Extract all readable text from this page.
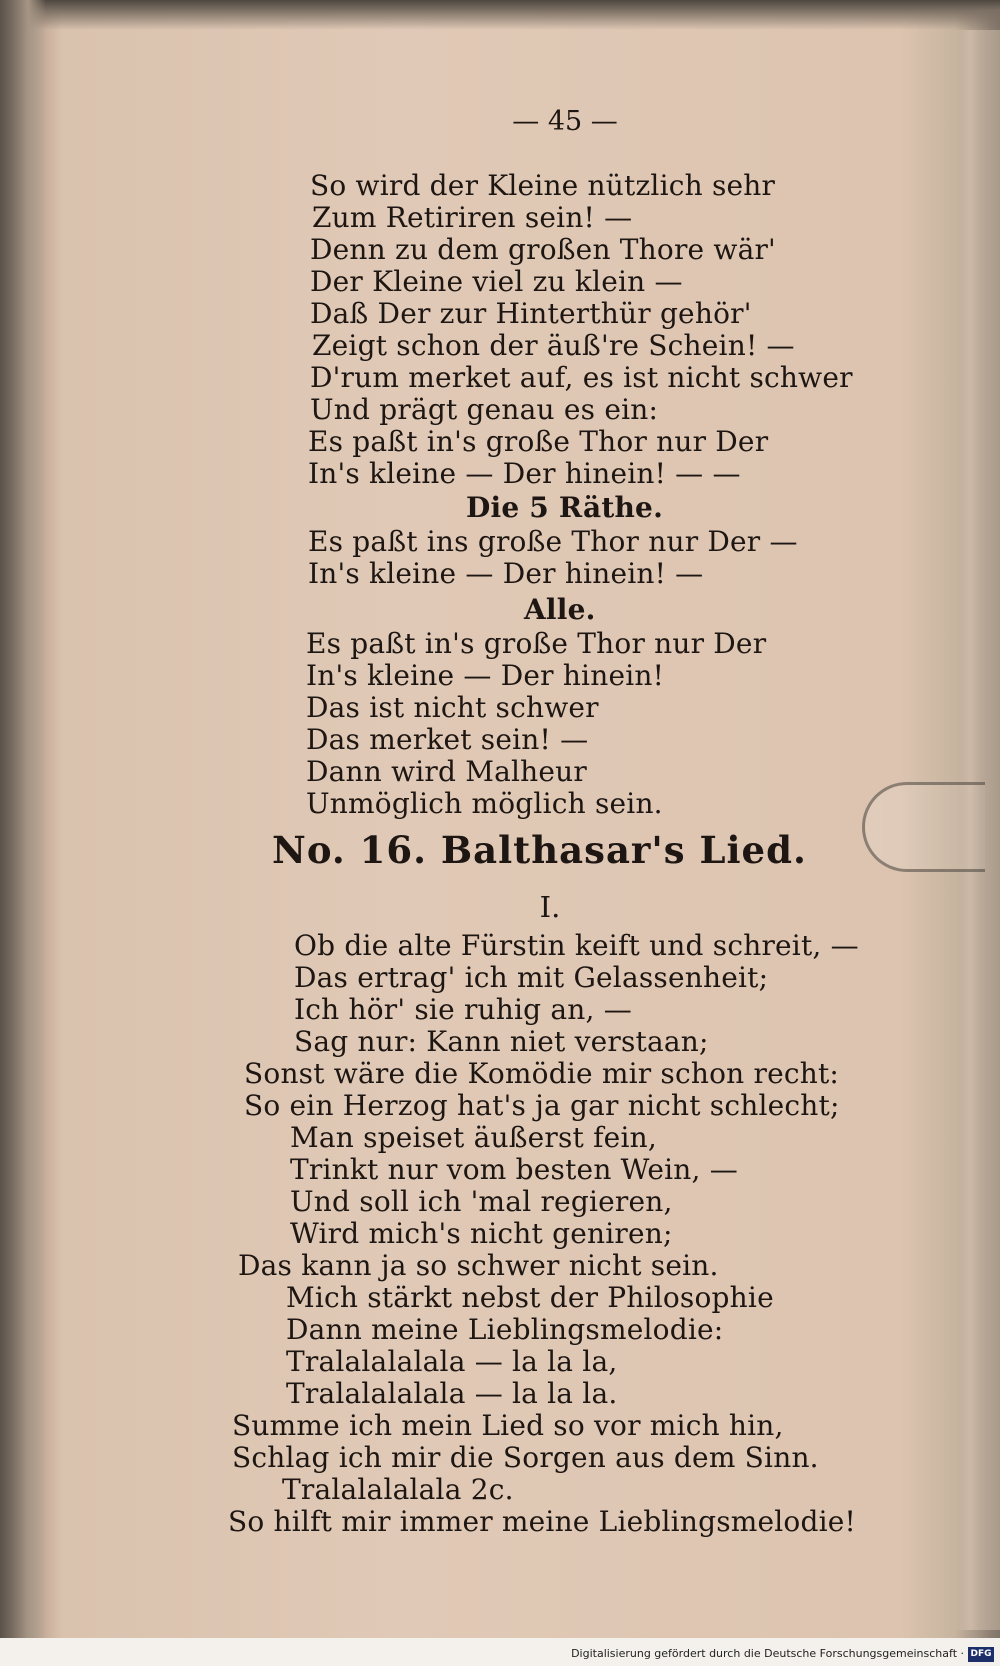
— 45 —
So wird der Kleine nützlich sehr
Zum Retiriren sein! —
Denn zu dem großen Thore wär'
Der Kleine viel zu klein —
Daß Der zur Hinterthür gehör'
Zeigt schon der äuß're Schein! —
D'rum merket auf, es ist nicht schwer
Und prägt genau es ein:
Es paßt in's große Thor nur Der
In's kleine — Der hinein! — —
Die 5 Räthe.
Es paßt ins große Thor nur Der —
In's kleine — Der hinein! —
Alle.
Es paßt in's große Thor nur Der
In's kleine — Der hinein!
Das ist nicht schwer
Das merket sein! —
Dann wird Malheur
Unmöglich möglich sein.
No. 16. Balthasar's Lied.
I.
Ob die alte Fürstin keift und schreit, —
Das ertrag' ich mit Gelassenheit;
Ich hör' sie ruhig an, —
Sag nur: Kann niet verstaan;
Sonst wäre die Komödie mir schon recht:
So ein Herzog hat's ja gar nicht schlecht;
Man speiset äußerst fein,
Trinkt nur vom besten Wein, —
Und soll ich 'mal regieren,
Wird mich's nicht geniren;
Das kann ja so schwer nicht sein.
Mich stärkt nebst der Philosophie
Dann meine Lieblingsmelodie:
Tralalalalala — la la la,
Tralalalalala — la la la.
Summe ich mein Lied so vor mich hin,
Schlag ich mir die Sorgen aus dem Sinn.
Tralalalalala 2c.
So hilft mir immer meine Lieblingsmelodie!
Digitalisierung gefördert durch die Deutsche Forschungsgemeinschaft · DFG
